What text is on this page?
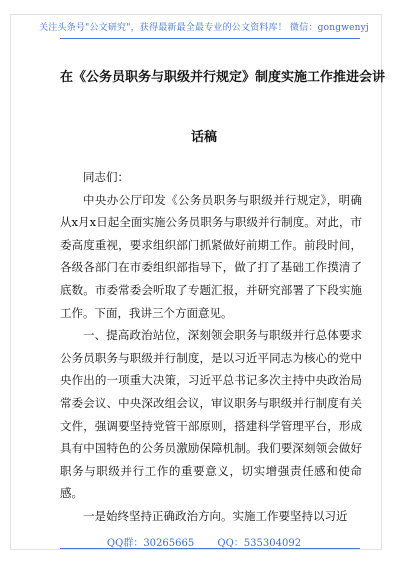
关注头条号"公文研究"，获得最新最全最专业的公文资料库！ 微信：gongwenyj
在《公务员职务与职级并行规定》制度实施工作推进会讲
话稿

同志们：

中央办公厅印发《公务员职务与职级并行规定》，明确从x月x日起全面实施公务员职务与职级并行制度。对此，市委高度重视，要求组织部门抓紧做好前期工作。前段时间，各级各部门在市委组织部指导下，做了打了基础工作摸清了底数。市委常委会听取了专题汇报，并研究部署了下段实施工作。下面，我讲三个方面意见。

一、提高政治站位，深刻领会职务与职级并行总体要求公务员职务与职级并行制度，是以习近平同志为核心的党中央作出的一项重大决策，习近平总书记多次主持中央政治局常委会议、中央深改组会议，审议职务与职级并行制度有关文件，强调要坚持党管干部原则，搭建科学管理平台，形成具有中国特色的公务员激励保障机制。我们要深刻领会做好职务与职级并行工作的重要意义，切实增强责任感和使命感。

一是始终坚持正确政治方向。实施工作要坚持以习近

QQ群：30265665 QQ：535304092
